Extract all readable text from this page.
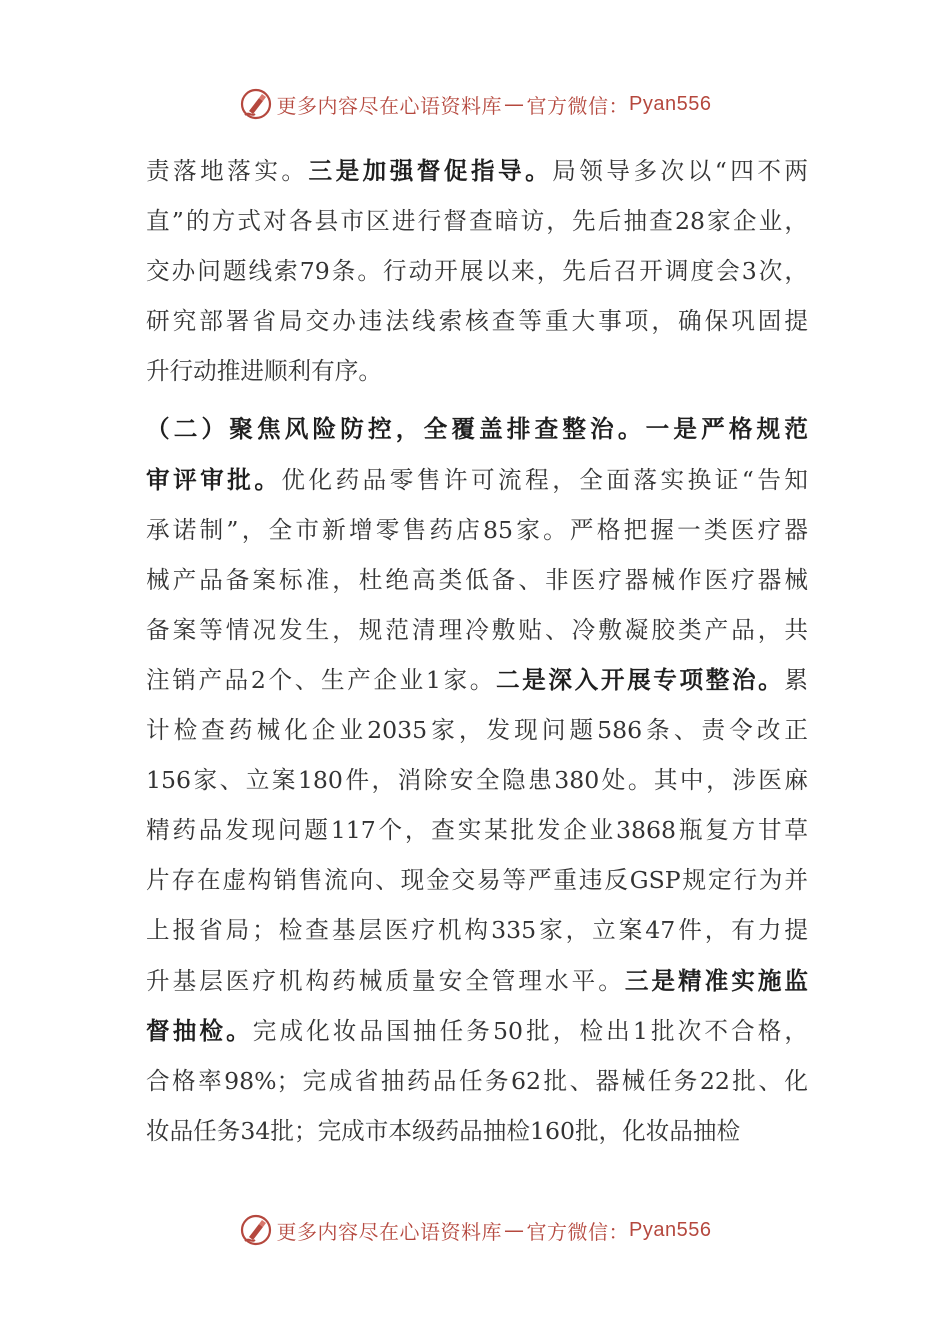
更多内容尽在心语资料库 — 官方微信： Pyan556
责落地落实。三是加强督促指导。局领导多次以“四不两
直”的方式对各县市区进行督查暗访，先后抽查28家企业，
交办问题线索79条。行动开展以来，先后召开调度会3次，
研究部署省局交办违法线索核查等重大事项，确保巩固提
升行动推进顺利有序。
（二）聚焦风险防控，全覆盖排查整治。一是严格规范
审评审批。优化药品零售许可流程，全面落实换证“告知
承诺制”，全市新增零售药店85家。严格把握一类医疗器
械产品备案标准，杜绝高类低备、非医疗器械作医疗器械
备案等情况发生，规范清理冷敷贴、冷敷凝胶类产品，共
注销产品2个、生产企业1家。二是深入开展专项整治。累
计检查药械化企业2035家，发现问题586条、责令改正
156家、立案180件，消除安全隐患380处。其中，涉医麻
精药品发现问题117个，查实某批发企业3868瓶复方甘草
片存在虚构销售流向、现金交易等严重违反GSP规定行为并
上报省局；检查基层医疗机构335家，立案47件，有力提
升基层医疗机构药械质量安全管理水平。三是精准实施监
督抽检。完成化妆品国抽任务50批，检出1批次不合格，
合格率98%；完成省抽药品任务62批、器械任务22批、化
妆品任务34批；完成市本级药品抽检160批，化妆品抽检
更多内容尽在心语资料库 — 官方微信： Pyan556
